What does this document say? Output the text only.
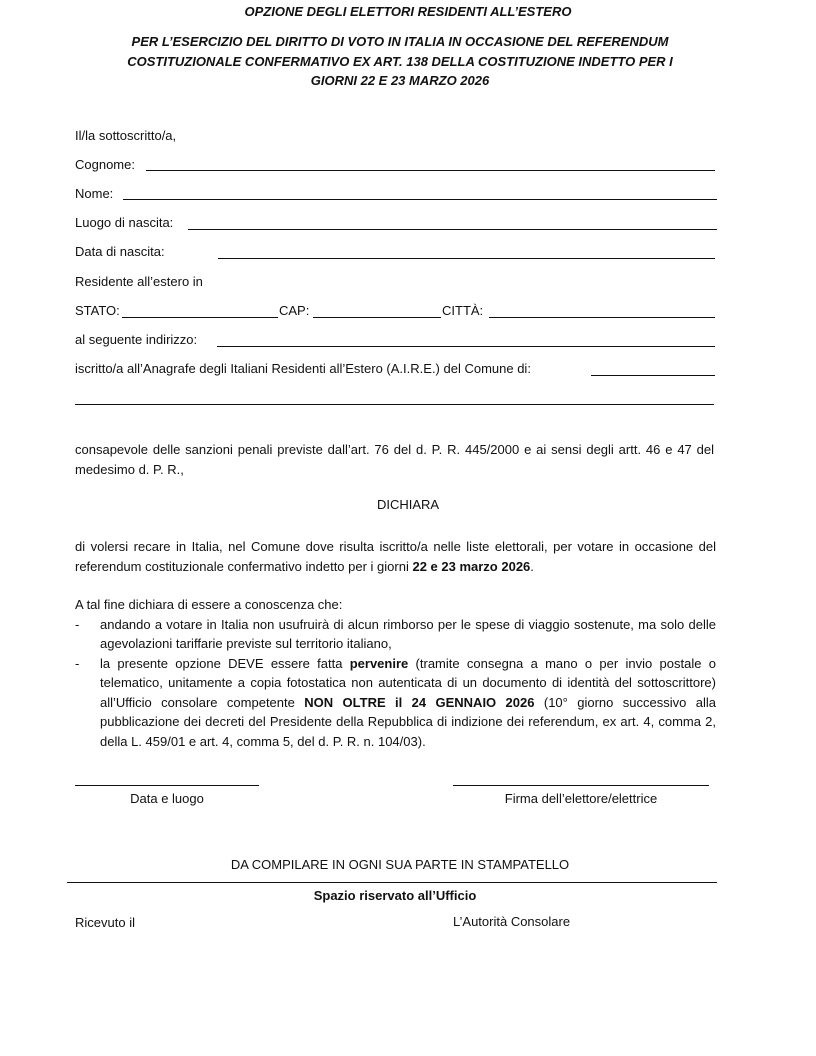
OPZIONE DEGLI ELETTORI RESIDENTI ALL’ESTERO
PER L’ESERCIZIO DEL DIRITTO DI VOTO IN ITALIA IN OCCASIONE DEL REFERENDUM
COSTITUZIONALE CONFERMATIVO EX ART. 138 DELLA COSTITUZIONE INDETTO PER I
GIORNI 22 E 23 MARZO 2026
Il/la sottoscritto/a,
Cognome:
Nome:
Luogo di nascita:
Data di nascita:
Residente all’estero in
STATO:	CAP:	CITTÀ:
al seguente indirizzo:
iscritto/a all’Anagrafe degli Italiani Residenti all’Estero (A.I.R.E.) del Comune di:
consapevole delle sanzioni penali previste dall’art. 76 del d. P. R. 445/2000 e ai sensi degli artt. 46 e 47 del medesimo d. P. R.,
DICHIARA
di volersi recare in Italia, nel Comune dove risulta iscritto/a nelle liste elettorali, per votare in occasione del referendum costituzionale confermativo indetto per i giorni 22 e 23 marzo 2026.
A tal fine dichiara di essere a conoscenza che:
- andando a votare in Italia non usufruirà di alcun rimborso per le spese di viaggio sostenute, ma solo delle agevolazioni tariffarie previste sul territorio italiano,
- la presente opzione DEVE essere fatta pervenire (tramite consegna a mano o per invio postale o telematico, unitamente a copia fotostatica non autenticata di un documento di identità del sottoscrittore) all’Ufficio consolare competente NON OLTRE il 24 GENNAIO 2026 (10° giorno successivo alla pubblicazione dei decreti del Presidente della Repubblica di indizione dei referendum, ex art. 4, comma 2, della L. 459/01 e art. 4, comma 5, del d. P. R. n. 104/03).
Data e luogo	Firma dell’elettore/elettrice
DA COMPILARE IN OGNI SUA PARTE IN STAMPATELLO
Spazio riservato all’Ufficio
Ricevuto il	L’Autorità Consolare
